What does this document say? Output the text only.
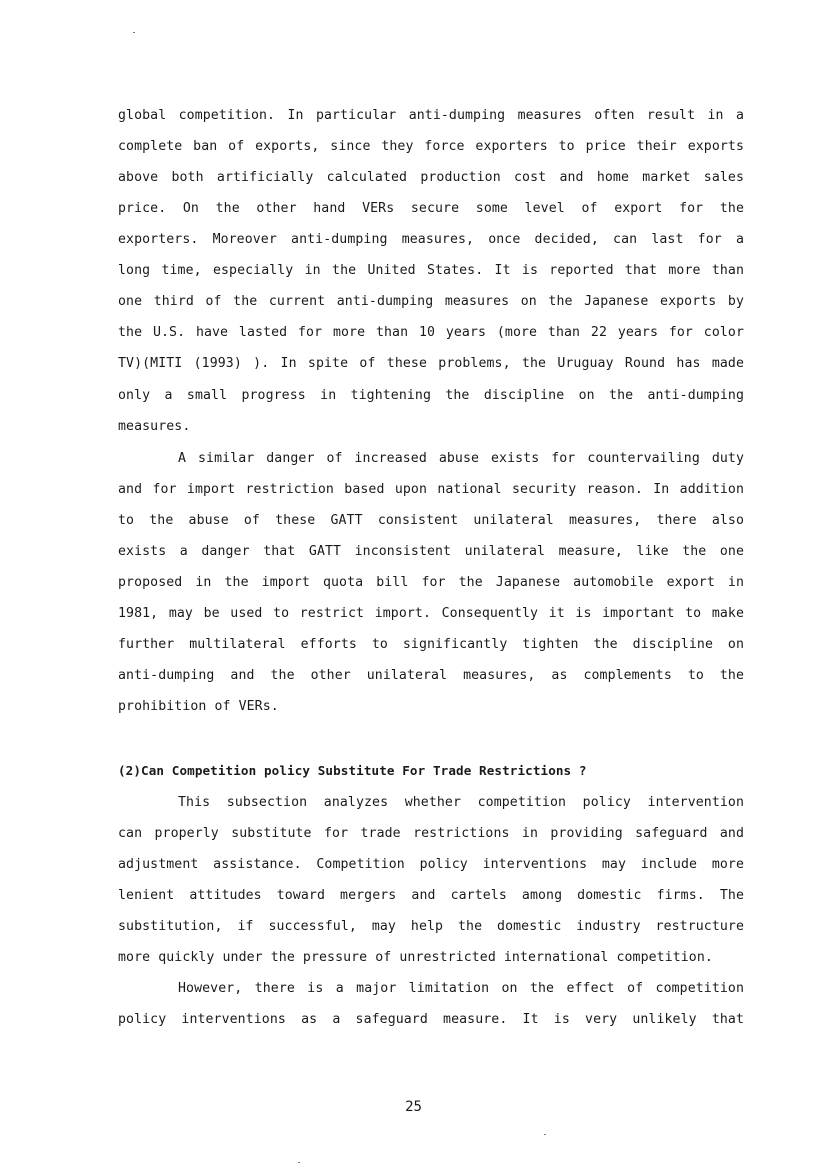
global competition. In particular anti-dumping measures often result in a
complete ban of exports, since they force exporters to price their exports
above both artificially calculated production cost and home market sales
price. On the other hand VERs secure some level of export for the
exporters. Moreover anti-dumping measures, once decided, can last for a
long time, especially in the United States. It is reported that more than
one third of the current anti-dumping measures on the Japanese exports by
the U.S. have lasted for more than 10 years (more than 22 years for color
TV)(MITI (1993) ). In spite of these problems, the Uruguay Round has made
only a small progress in tightening the discipline on the anti-dumping
measures.
A similar danger of increased abuse exists for countervailing duty
and for import restriction based upon national security reason. In addition
to the abuse of these GATT consistent unilateral measures, there also
exists a danger that GATT inconsistent unilateral measure, like the one
proposed in the import quota bill for the Japanese automobile export in
1981, may be used to restrict import. Consequently it is important to make
further multilateral efforts to significantly tighten the discipline on
anti-dumping and the other unilateral measures, as complements to the
prohibition of VERs.
(2)Can Competition policy Substitute For Trade Restrictions ?
This subsection analyzes whether competition policy intervention
can properly substitute for trade restrictions in providing safeguard and
adjustment assistance. Competition policy interventions may include more
lenient attitudes toward mergers and cartels among domestic firms. The
substitution, if successful, may help the domestic industry restructure
more quickly under the pressure of unrestricted international competition.
However, there is a major limitation on the effect of competition
policy interventions as a safeguard measure. It is very unlikely that
25
